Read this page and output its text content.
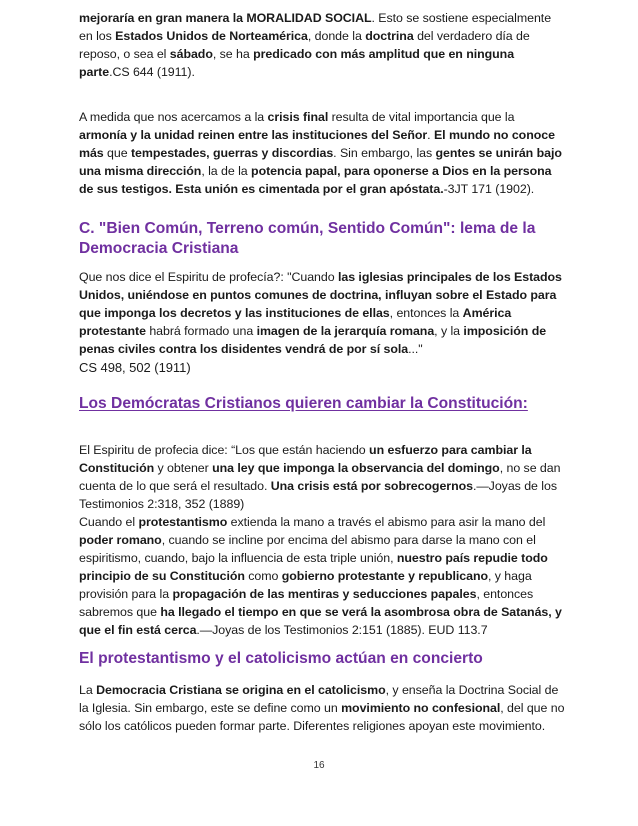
mejoraría en gran manera la MORALIDAD SOCIAL. Esto se sostiene especialmente en los Estados Unidos de Norteamérica, donde la doctrina del verdadero día de reposo, o sea el sábado, se ha predicado con más amplitud que en ninguna parte.CS 644 (1911).

A medida que nos acercamos a la crisis final resulta de vital importancia que la armonía y la unidad reinen entre las instituciones del Señor. El mundo no conoce más que tempestades, guerras y discordias. Sin embargo, las gentes se unirán bajo una misma dirección, la de la potencia papal, para oponerse a Dios en la persona de sus testigos. Esta unión es cimentada por el gran apóstata.-3JT 171 (1902).

C. "Bien Común, Terreno común, Sentido Común": lema de la Democracia Cristiana

Que nos dice el Espiritu de profecía?: "Cuando las iglesias principales de los Estados Unidos, uniéndose en puntos comunes de doctrina, influyan sobre el Estado para que imponga los decretos y las instituciones de ellas, entonces la América protestante habrá formado una imagen de la jerarquía romana, y la imposición de penas civiles contra los disidentes vendrá de por sí sola..."

CS 498, 502 (1911)

Los Demócratas Cristianos quieren cambiar la Constitución:

El Espiritu de profecia dice: “Los que están haciendo un esfuerzo para cambiar la Constitución y obtener una ley que imponga la observancia del domingo, no se dan cuenta de lo que será el resultado. Una crisis está por sobrecogernos.—Joyas de los Testimonios 2:318, 352 (1889)

Cuando el protestantismo extienda la mano a través el abismo para asir la mano del poder romano, cuando se incline por encima del abismo para darse la mano con el espiritismo, cuando, bajo la influencia de esta triple unión, nuestro país repudie todo principio de su Constitución como gobierno protestante y republicano, y haga provisión para la propagación de las mentiras y seducciones papales, entonces sabremos que ha llegado el tiempo en que se verá la asombrosa obra de Satanás, y que el fin está cerca.—Joyas de los Testimonios 2:151 (1885). EUD 113.7

El protestantismo y el catolicismo actúan en concierto

La Democracia Cristiana se origina en el catolicismo, y enseña la Doctrina Social de la Iglesia. Sin embargo, este se define como un movimiento no confesional, del que no sólo los católicos pueden formar parte. Diferentes religiones apoyan este movimiento.

16
